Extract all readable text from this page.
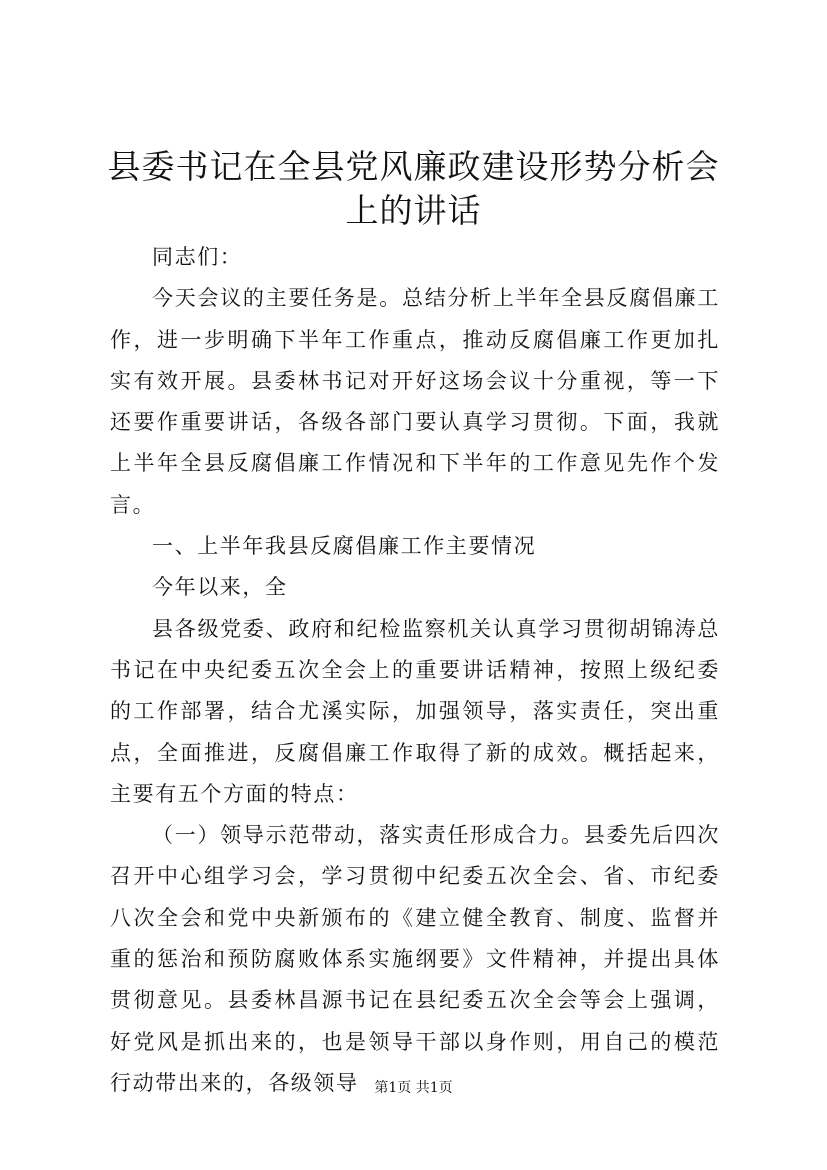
县委书记在全县党风廉政建设形势分析会上的讲话

同志们：

今天会议的主要任务是。总结分析上半年全县反腐倡廉工作，进一步明确下半年工作重点，推动反腐倡廉工作更加扎实有效开展。县委林书记对开好这场会议十分重视，等一下还要作重要讲话，各级各部门要认真学习贯彻。下面，我就上半年全县反腐倡廉工作情况和下半年的工作意见先作个发言。

一、上半年我县反腐倡廉工作主要情况

今年以来，全

县各级党委、政府和纪检监察机关认真学习贯彻胡锦涛总书记在中央纪委五次全会上的重要讲话精神，按照上级纪委的工作部署，结合尤溪实际，加强领导，落实责任，突出重点，全面推进，反腐倡廉工作取得了新的成效。概括起来，主要有五个方面的特点：

（一）领导示范带动，落实责任形成合力。县委先后四次召开中心组学习会，学习贯彻中纪委五次全会、省、市纪委八次全会和党中央新颁布的《建立健全教育、制度、监督并重的惩治和预防腐败体系实施纲要》文件精神，并提出具体贯彻意见。县委林昌源书记在县纪委五次全会等会上强调，好党风是抓出来的，也是领导干部以身作则，用自己的模范行动带出来的，各级领导	第1页 共1页
